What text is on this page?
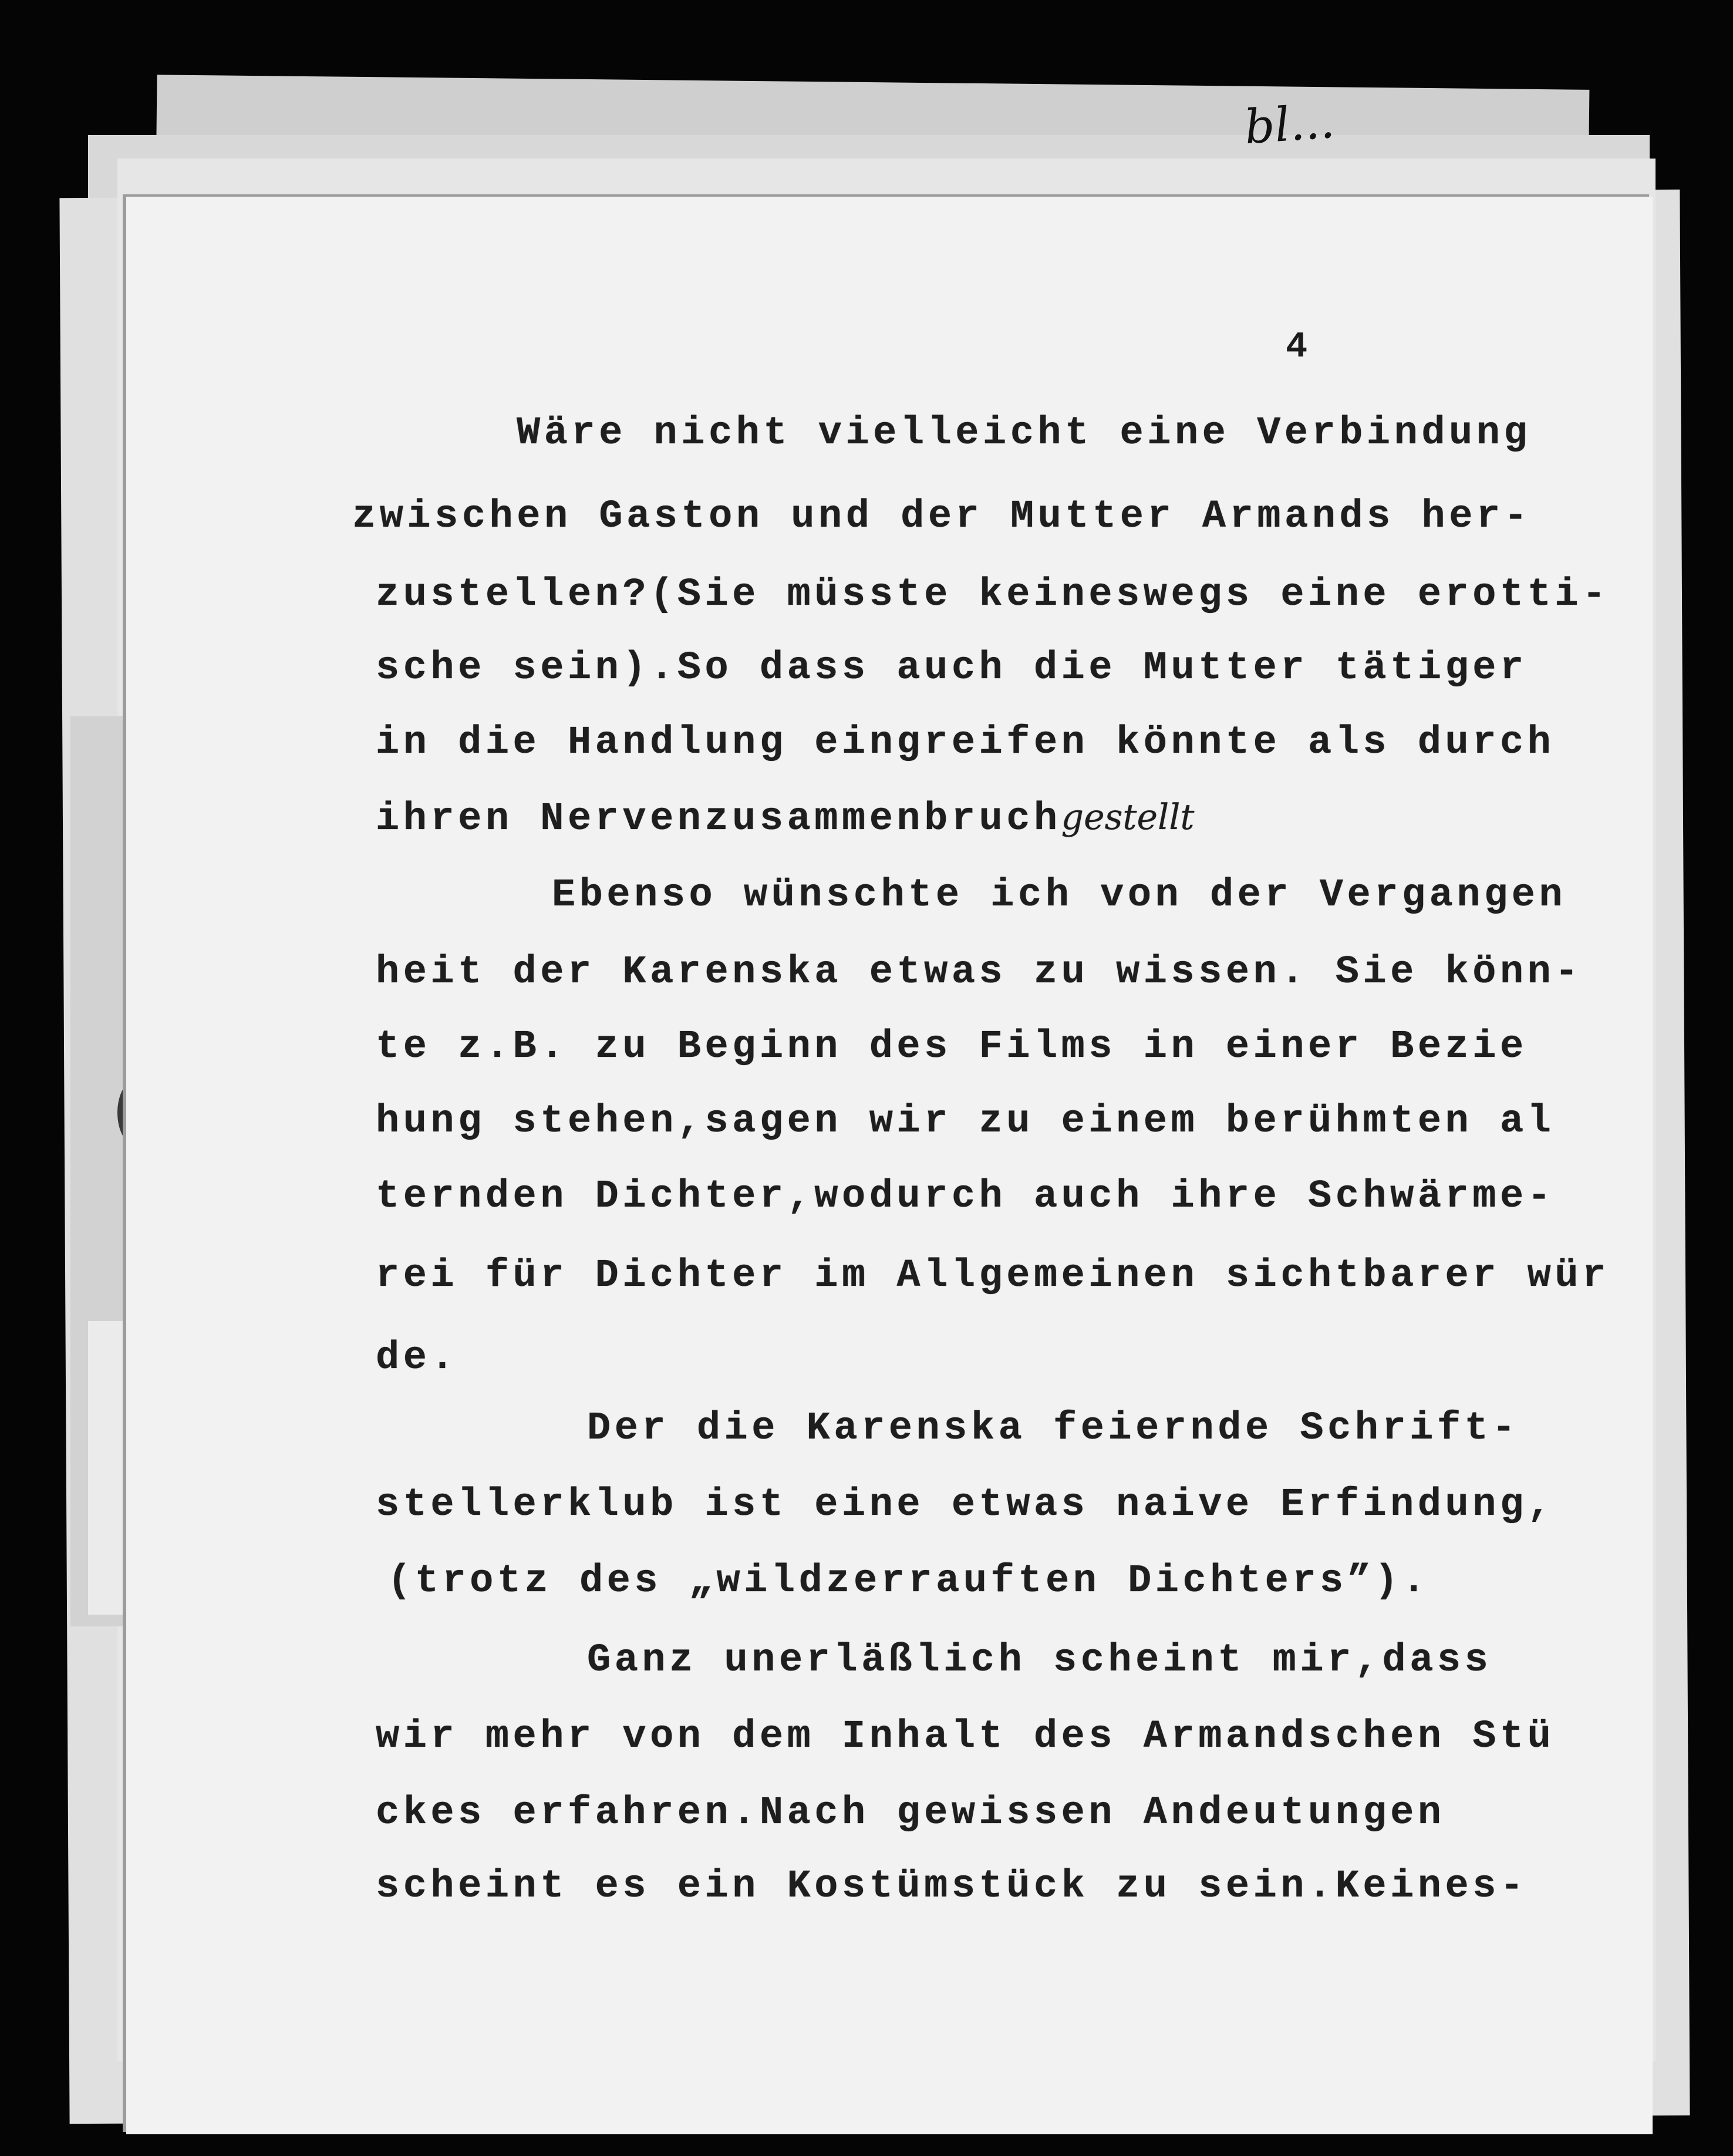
bl...
4
Wäre nicht vielleicht eine Verbindung
zwischen Gaston und der Mutter Armands her-
zustellen?(Sie müsste keineswegs eine erotti-
sche sein).So dass auch die Mutter tätiger
in die Handlung eingreifen könnte als durch
ihren Nervenzusammenbruchgestellt
Ebenso wünschte ich von der Vergangen
heit der Karenska etwas zu wissen. Sie könn-
te z.B. zu Beginn des Films in einer Bezie
hung stehen,sagen wir zu einem berühmten al
ternden Dichter,wodurch auch ihre Schwärme-
rei für Dichter im Allgemeinen sichtbarer wür
de.
Der die Karenska feiernde Schrift-
stellerklub ist eine etwas naive Erfindung,
(trotz des „wildzerrauften Dichters”).
Ganz unerläßlich scheint mir,dass
wir mehr von dem Inhalt des Armandschen Stü
ckes erfahren.Nach gewissen Andeutungen
scheint es ein Kostümstück zu sein.Keines-
